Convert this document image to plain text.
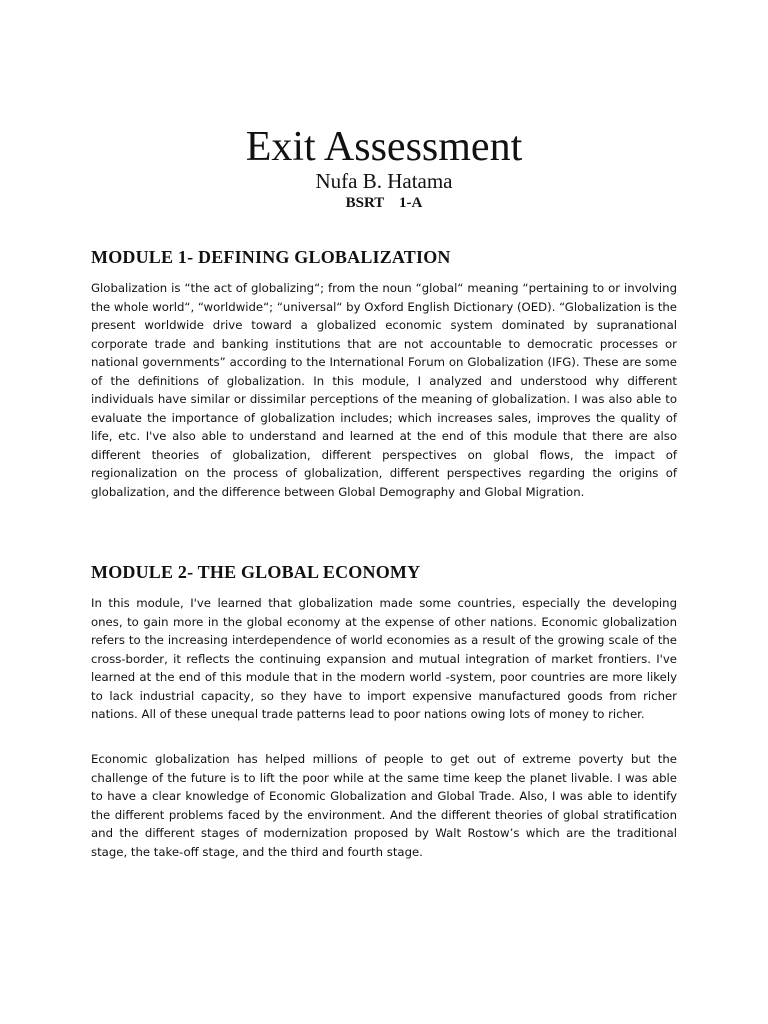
Exit Assessment
Nufa B. Hatama
BSRT    1-A
MODULE 1- DEFINING GLOBALIZATION

Globalization is “the act of globalizing“; from the noun “global“ meaning “pertaining to or involving the whole world“, “worldwide“; “universal“ by Oxford English Dictionary (OED). “Globalization is the present worldwide drive toward a globalized economic system dominated by supranational corporate trade and banking institutions that are not accountable to democratic processes or national governments” according to the International Forum on Globalization (IFG). These are some of the definitions of globalization. In this module, I analyzed and understood why different individuals have similar or dissimilar perceptions of the meaning of globalization. I was also able to evaluate the importance of globalization includes; which increases sales, improves the quality of life, etc. I've also able to understand and learned at the end of this module that there are also different theories of globalization, different perspectives on global flows, the impact of regionalization on the process of globalization, different perspectives regarding the origins of globalization, and the difference between Global Demography and Global Migration.

MODULE 2- THE GLOBAL ECONOMY

In this module, I've learned that globalization made some countries, especially the developing ones, to gain more in the global economy at the expense of other nations. Economic globalization refers to the increasing interdependence of world economies as a result of the growing scale of the cross-border, it reflects the continuing expansion and mutual integration of market frontiers. I've learned at the end of this module that in the modern world -system, poor countries are more likely to lack industrial capacity, so they have to import expensive manufactured goods from richer nations. All of these unequal trade patterns lead to poor nations owing lots of money to richer.

Economic globalization has helped millions of people to get out of extreme poverty but the challenge of the future is to lift the poor while at the same time keep the planet livable. I was able to have a clear knowledge of Economic Globalization and Global Trade. Also, I was able to identify the different problems faced by the environment. And the different theories of global stratification and the different stages of modernization proposed by Walt Rostow’s which are the traditional stage, the take-off stage, and the third and fourth stage.
